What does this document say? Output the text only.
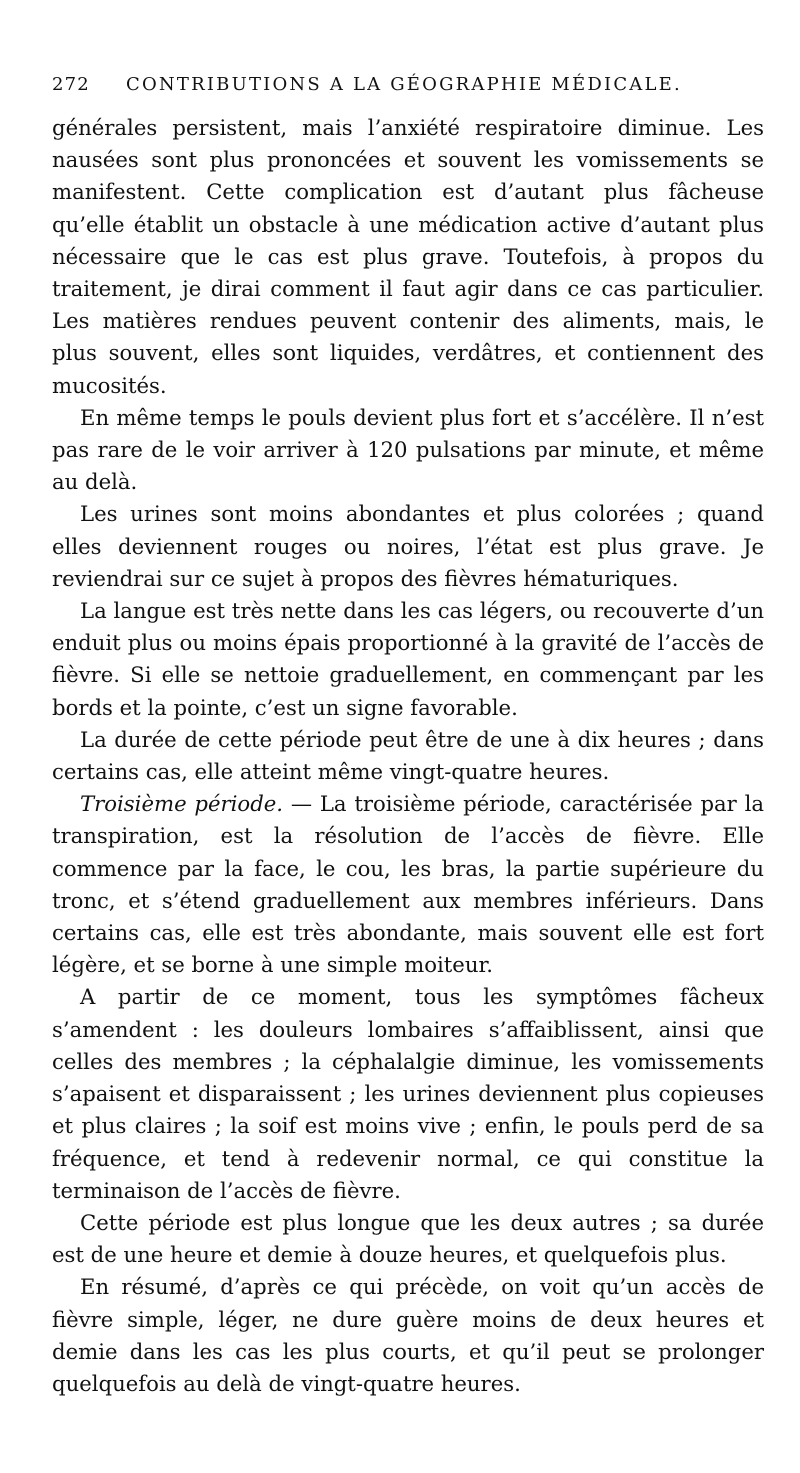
272 CONTRIBUTIONS A LA GÉOGRAPHIE MÉDICALE.

générales persistent, mais l’anxiété respiratoire diminue. Les nausées sont plus prononcées et souvent les vomissements se manifestent. Cette complication est d’autant plus fâcheuse qu’elle établit un obstacle à une médication active d’autant plus nécessaire que le cas est plus grave. Toutefois, à propos du traitement, je dirai comment il faut agir dans ce cas particulier. Les matières rendues peuvent contenir des aliments, mais, le plus souvent, elles sont liquides, verdâtres, et contiennent des mucosités.

En même temps le pouls devient plus fort et s’accélère. Il n’est pas rare de le voir arriver à 120 pulsations par minute, et même au delà.

Les urines sont moins abondantes et plus colorées ; quand elles deviennent rouges ou noires, l’état est plus grave. Je reviendrai sur ce sujet à propos des fièvres hématuriques.

La langue est très nette dans les cas légers, ou recouverte d’un enduit plus ou moins épais proportionné à la gravité de l’accès de fièvre. Si elle se nettoie graduellement, en commençant par les bords et la pointe, c’est un signe favorable.

La durée de cette période peut être de une à dix heures ; dans certains cas, elle atteint même vingt-quatre heures.

Troisième période. — La troisième période, caractérisée par la transpiration, est la résolution de l’accès de fièvre. Elle commence par la face, le cou, les bras, la partie supérieure du tronc, et s’étend graduellement aux membres inférieurs. Dans certains cas, elle est très abondante, mais souvent elle est fort légère, et se borne à une simple moiteur.

A partir de ce moment, tous les symptômes fâcheux s’amendent : les douleurs lombaires s’affaiblissent, ainsi que celles des membres ; la céphalalgie diminue, les vomissements s’apaisent et disparaissent ; les urines deviennent plus copieuses et plus claires ; la soif est moins vive ; enfin, le pouls perd de sa fréquence, et tend à redevenir normal, ce qui constitue la terminaison de l’accès de fièvre.

Cette période est plus longue que les deux autres ; sa durée est de une heure et demie à douze heures, et quelquefois plus.

En résumé, d’après ce qui précède, on voit qu’un accès de fièvre simple, léger, ne dure guère moins de deux heures et demie dans les cas les plus courts, et qu’il peut se prolonger quelquefois au delà de vingt-quatre heures.
